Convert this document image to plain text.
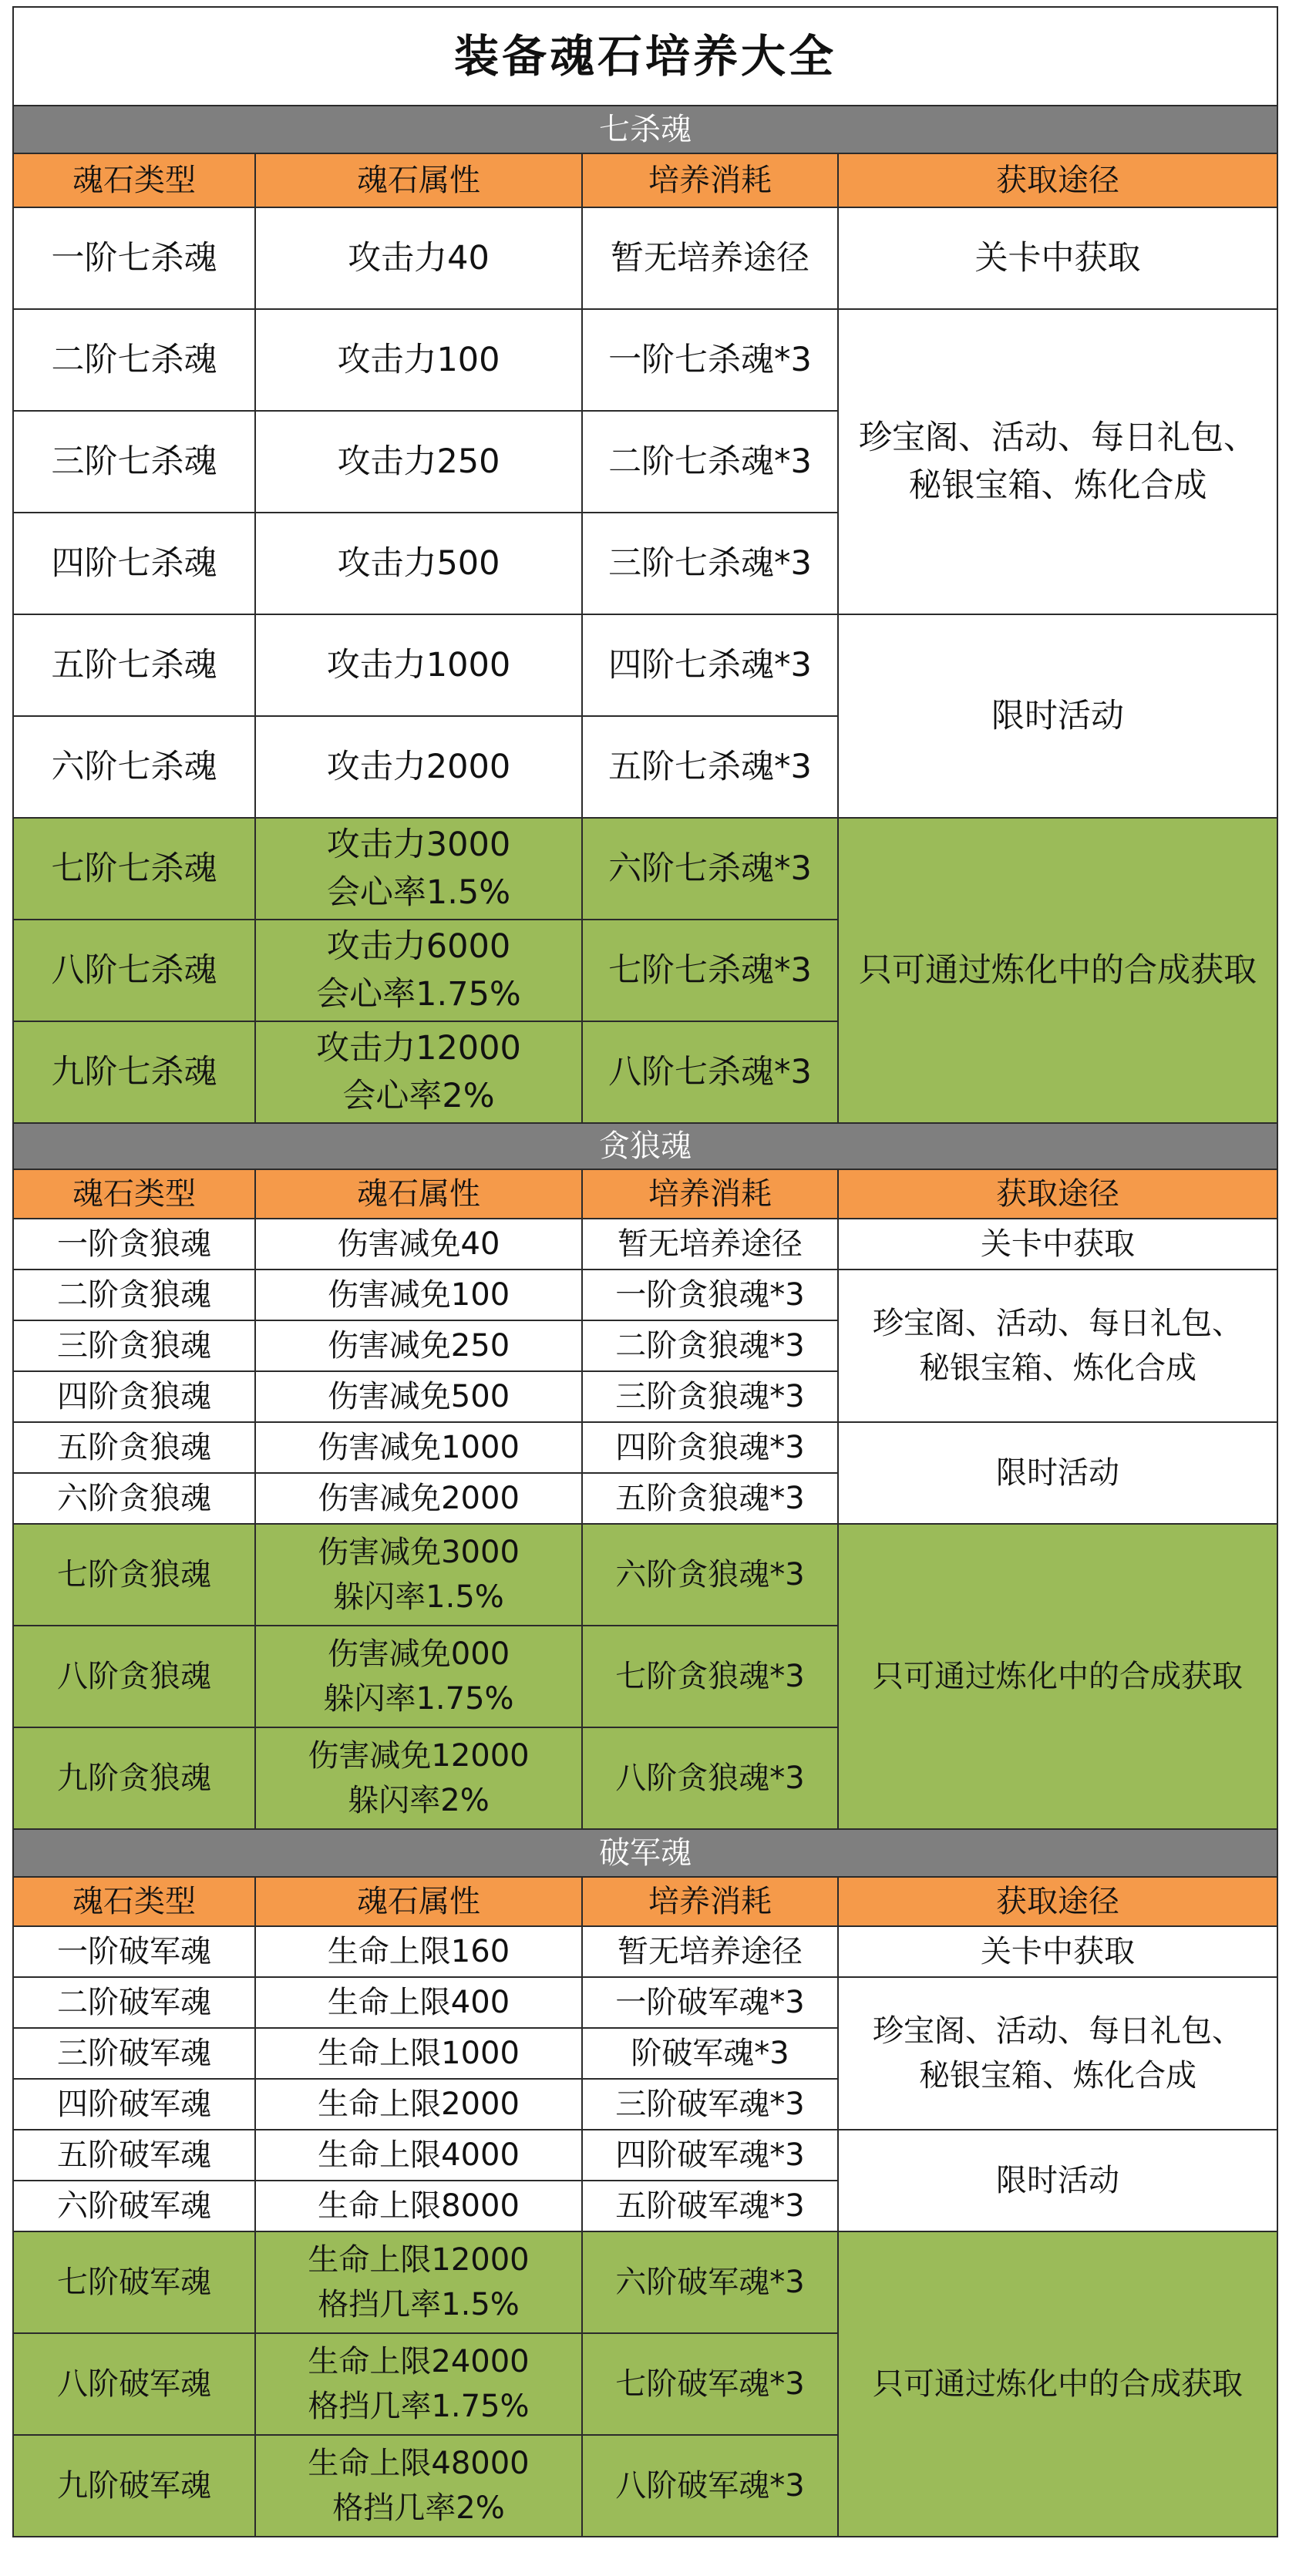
装备魂石培养大全			
七杀魂			
魂石类型	魂石属性	培养消耗	获取途径
一阶七杀魂	攻击力40	暂无培养途径	关卡中获取

二阶七杀魂	攻击力100	一阶七杀魂*3	珍宝阁、活动、每日礼包、
秘银宝箱、炼化合成

三阶七杀魂	攻击力250	二阶七杀魂*3	
四阶七杀魂	攻击力500	三阶七杀魂*3	
五阶七杀魂	攻击力1000	四阶七杀魂*3	限时活动

六阶七杀魂	攻击力2000	五阶七杀魂*3	
七阶七杀魂	攻击力3000
会心率1.5%	六阶七杀魂*3	只可通过炼化中的合成获取

八阶七杀魂	攻击力6000
会心率1.75%	七阶七杀魂*3	
九阶七杀魂	攻击力12000
会心率2%	八阶七杀魂*3	
贪狼魂			
魂石类型	魂石属性	培养消耗	获取途径
一阶贪狼魂	伤害减免40	暂无培养途径	关卡中获取

二阶贪狼魂	伤害减免100	一阶贪狼魂*3	珍宝阁、活动、每日礼包、
秘银宝箱、炼化合成

三阶贪狼魂	伤害减免250	二阶贪狼魂*3	
四阶贪狼魂	伤害减免500	三阶贪狼魂*3	
五阶贪狼魂	伤害减免1000	四阶贪狼魂*3	限时活动

六阶贪狼魂	伤害减免2000	五阶贪狼魂*3	
七阶贪狼魂	伤害减免3000
躲闪率1.5%	六阶贪狼魂*3	只可通过炼化中的合成获取

八阶贪狼魂	伤害减免000
躲闪率1.75%	七阶贪狼魂*3	
九阶贪狼魂	伤害减免12000
躲闪率2%	八阶贪狼魂*3	
破军魂			
魂石类型	魂石属性	培养消耗	获取途径
一阶破军魂	生命上限160	暂无培养途径	关卡中获取

二阶破军魂	生命上限400	一阶破军魂*3	珍宝阁、活动、每日礼包、
秘银宝箱、炼化合成

三阶破军魂	生命上限1000	阶破军魂*3	
四阶破军魂	生命上限2000	三阶破军魂*3	
五阶破军魂	生命上限4000	四阶破军魂*3	限时活动

六阶破军魂	生命上限8000	五阶破军魂*3	
七阶破军魂	生命上限12000
格挡几率1.5%	六阶破军魂*3	只可通过炼化中的合成获取

八阶破军魂	生命上限24000
格挡几率1.75%	七阶破军魂*3	
九阶破军魂	生命上限48000
格挡几率2%	八阶破军魂*3	
